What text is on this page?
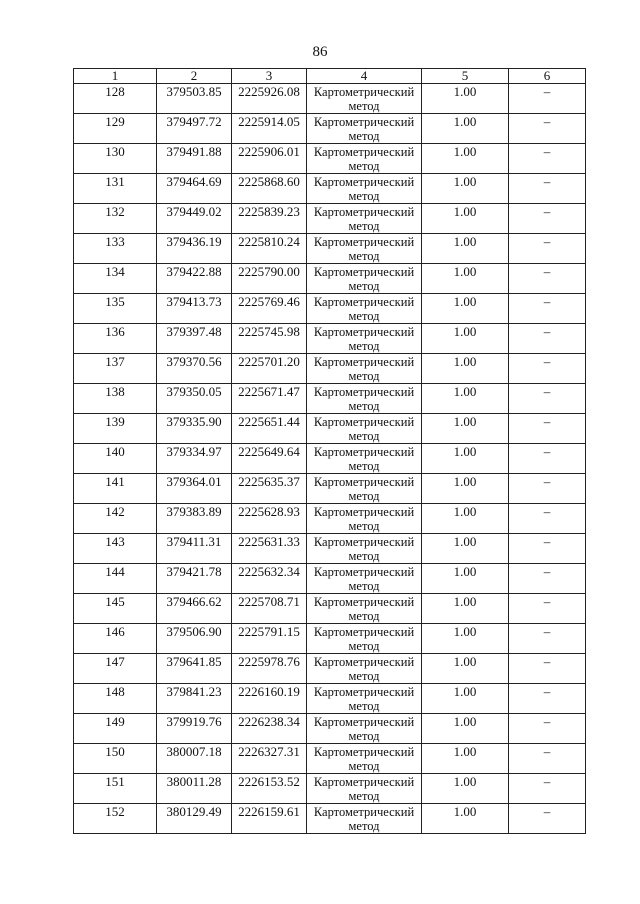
86
1	2	3	4	5	6
128	379503.85	2225926.08	Картометрический метод	1.00	–
129	379497.72	2225914.05	Картометрический метод	1.00	–
130	379491.88	2225906.01	Картометрический метод	1.00	–
131	379464.69	2225868.60	Картометрический метод	1.00	–
132	379449.02	2225839.23	Картометрический метод	1.00	–
133	379436.19	2225810.24	Картометрический метод	1.00	–
134	379422.88	2225790.00	Картометрический метод	1.00	–
135	379413.73	2225769.46	Картометрический метод	1.00	–
136	379397.48	2225745.98	Картометрический метод	1.00	–
137	379370.56	2225701.20	Картометрический метод	1.00	–
138	379350.05	2225671.47	Картометрический метод	1.00	–
139	379335.90	2225651.44	Картометрический метод	1.00	–
140	379334.97	2225649.64	Картометрический метод	1.00	–
141	379364.01	2225635.37	Картометрический метод	1.00	–
142	379383.89	2225628.93	Картометрический метод	1.00	–
143	379411.31	2225631.33	Картометрический метод	1.00	–
144	379421.78	2225632.34	Картометрический метод	1.00	–
145	379466.62	2225708.71	Картометрический метод	1.00	–
146	379506.90	2225791.15	Картометрический метод	1.00	–
147	379641.85	2225978.76	Картометрический метод	1.00	–
148	379841.23	2226160.19	Картометрический метод	1.00	–
149	379919.76	2226238.34	Картометрический метод	1.00	–
150	380007.18	2226327.31	Картометрический метод	1.00	–
151	380011.28	2226153.52	Картометрический метод	1.00	–
152	380129.49	2226159.61	Картометрический метод	1.00	–
